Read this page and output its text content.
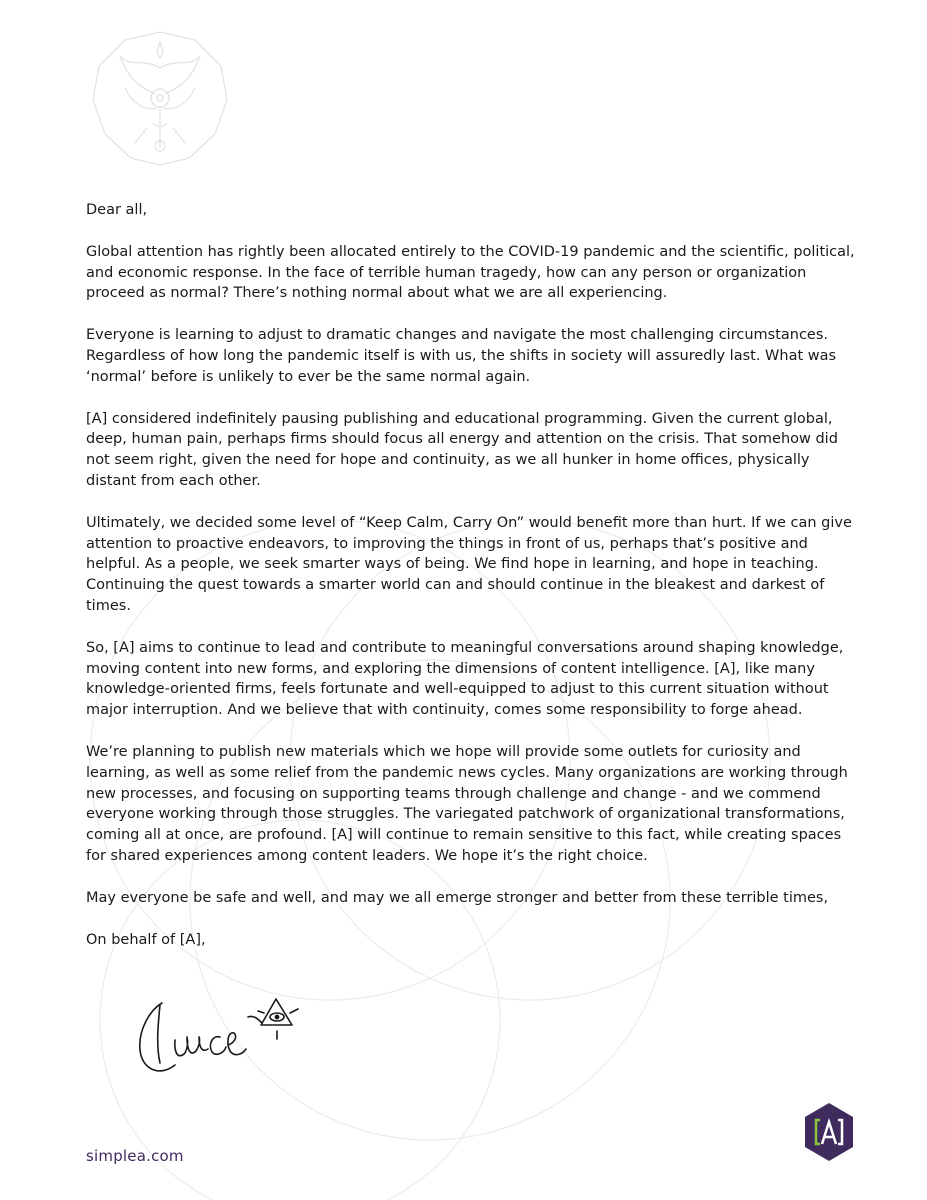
Dear all,

Global attention has rightly been allocated entirely to the COVID-19 pandemic and the scientific, political, and economic response. In the face of terrible human tragedy, how can any person or organization proceed as normal? There’s nothing normal about what we are all experiencing.

Everyone is learning to adjust to dramatic changes and navigate the most challenging circumstances. Regardless of how long the pandemic itself is with us, the shifts in society will assuredly last. What was ‘normal’ before is unlikely to ever be the same normal again.

[A] considered indefinitely pausing publishing and educational programming. Given the current global, deep, human pain, perhaps firms should focus all energy and attention on the crisis. That somehow did not seem right, given the need for hope and continuity, as we all hunker in home offices, physically distant from each other.

Ultimately, we decided some level of “Keep Calm, Carry On” would benefit more than hurt. If we can give attention to proactive endeavors, to improving the things in front of us, perhaps that’s positive and helpful. As a people, we seek smarter ways of being. We find hope in learning, and hope in teaching. Continuing the quest towards a smarter world can and should continue in the bleakest and darkest of times.

So, [A] aims to continue to lead and contribute to meaningful conversations around shaping knowledge, moving content into new forms, and exploring the dimensions of content intelligence. [A], like many knowledge-oriented firms, feels fortunate and well-equipped to adjust to this current situation without major interruption. And we believe that with continuity, comes some responsibility to forge ahead.

We’re planning to publish new materials which we hope will provide some outlets for curiosity and learning, as well as some relief from the pandemic news cycles. Many organizations are working through new processes, and focusing on supporting teams through challenge and change - and we commend everyone working through those struggles. The variegated patchwork of organizational transformations, coming all at once, are profound. [A] will continue to remain sensitive to this fact, while creating spaces for shared experiences among content leaders. We hope it’s the right choice.

May everyone be safe and well, and may we all emerge stronger and better from these terrible times,

On behalf of [A],

simplea.com
